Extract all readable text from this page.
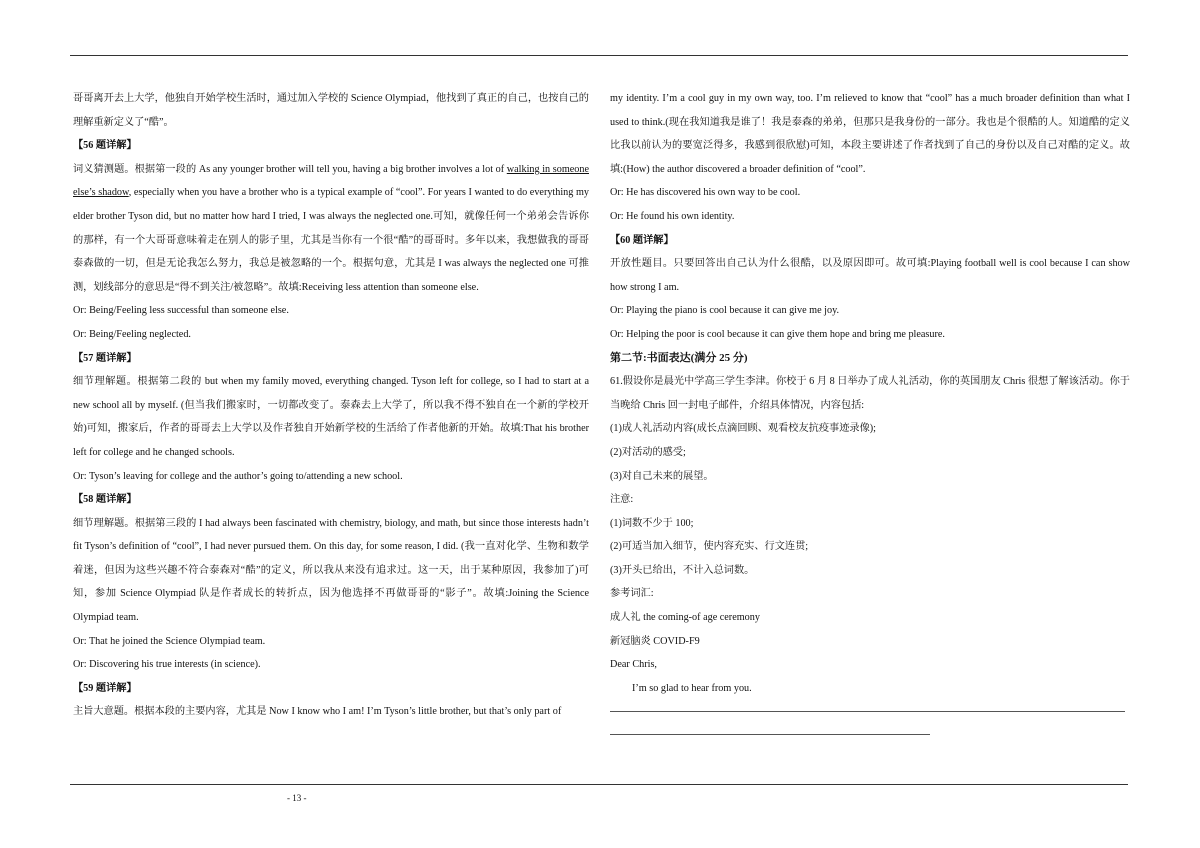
哥哥离开去上大学，他独自开始学校生活时，通过加入学校的 Science Olympiad，他找到了真正的自己，也按自己的理解重新定义了“酷”。

【56 题详解】

词义猜测题。根据第一段的 As any younger brother will tell you, having a big brother involves a lot of walking in someone else’s shadow, especially when you have a brother who is a typical example of “cool”. For years I wanted to do everything my elder brother Tyson did, but no matter how hard I tried, I was always the neglected one.可知，就像任何一个弟弟会告诉你的那样，有一个大哥哥意味着走在别人的影子里，尤其是当你有一个很“酷”的哥哥时。多年以来，我想做我的哥哥泰森做的一切，但是无论我怎么努力，我总是被忽略的一个。根据句意，尤其是 I was always the neglected one 可推测，划线部分的意思是“得不到关注/被忽略”。故填:Receiving less attention than someone else.

Or: Being/Feeling less successful than someone else.

Or: Being/Feeling neglected.

【57 题详解】

细节理解题。根据第二段的 but when my family moved, everything changed. Tyson left for college, so I had to start at a new school all by myself. (但当我们搬家时，一切都改变了。泰森去上大学了，所以我不得不独自在一个新的学校开始)可知，搬家后，作者的哥哥去上大学以及作者独自开始新学校的生活给了作者他新的开始。故填:That his brother left for college and he changed schools.

Or: Tyson’s leaving for college and the author’s going to/attending a new school.

【58 题详解】

细节理解题。根据第三段的 I had always been fascinated with chemistry, biology, and math, but since those interests hadn’t fit Tyson’s definition of “cool”, I had never pursued them. On this day, for some reason, I did. (我一直对化学、生物和数学着迷，但因为这些兴趣不符合泰森对“酷”的定义，所以我从来没有追求过。这一天，出于某种原因，我参加了)可知，参加 Science Olympiad 队是作者成长的转折点，因为他选择不再做哥哥的“影子”。故填:Joining the Science Olympiad team.

Or: That he joined the Science Olympiad team.

Or: Discovering his true interests (in science).

【59 题详解】

主旨大意题。根据本段的主要内容，尤其是 Now I know who I am! I’m Tyson’s little brother, but that’s only part of

my identity. I’m a cool guy in my own way, too. I’m relieved to know that “cool” has a much broader definition than what I used to think.(现在我知道我是谁了！我是泰森的弟弟，但那只是我身份的一部分。我也是个很酷的人。知道酷的定义比我以前认为的要宽泛得多，我感到很欣慰)可知，本段主要讲述了作者找到了自己的身份以及自己对酷的定义。故填:(How) the author discovered a broader definition of “cool”.

Or: He has discovered his own way to be cool.

Or: He found his own identity.

【60 题详解】

开放性题目。只要回答出自己认为什么很酷，以及原因即可。故可填:Playing football well is cool because I can show how strong I am.

Or: Playing the piano is cool because it can give me joy.

Or: Helping the poor is cool because it can give them hope and bring me pleasure.

第二节:书面表达(满分 25 分)

61.假设你是晨光中学高三学生李津。你校于 6 月 8 日举办了成人礼活动，你的英国朋友 Chris 很想了解该活动。你于当晚给 Chris 回一封电子邮件，介绍具体情况，内容包括:

(1)成人礼活动内容(成长点滴回顾、观看校友抗疫事迹录像);

(2)对活动的感受;

(3)对自己未来的展望。

注意:

(1)词数不少于 100;

(2)可适当加入细节，使内容充实、行文连贯;

(3)开头已给出，不计入总词数。

参考词汇:

成人礼 the coming-of age ceremony

新冠脑炎 COVID-F9

Dear Chris,

I’m so glad to hear from you.

- 13 -
